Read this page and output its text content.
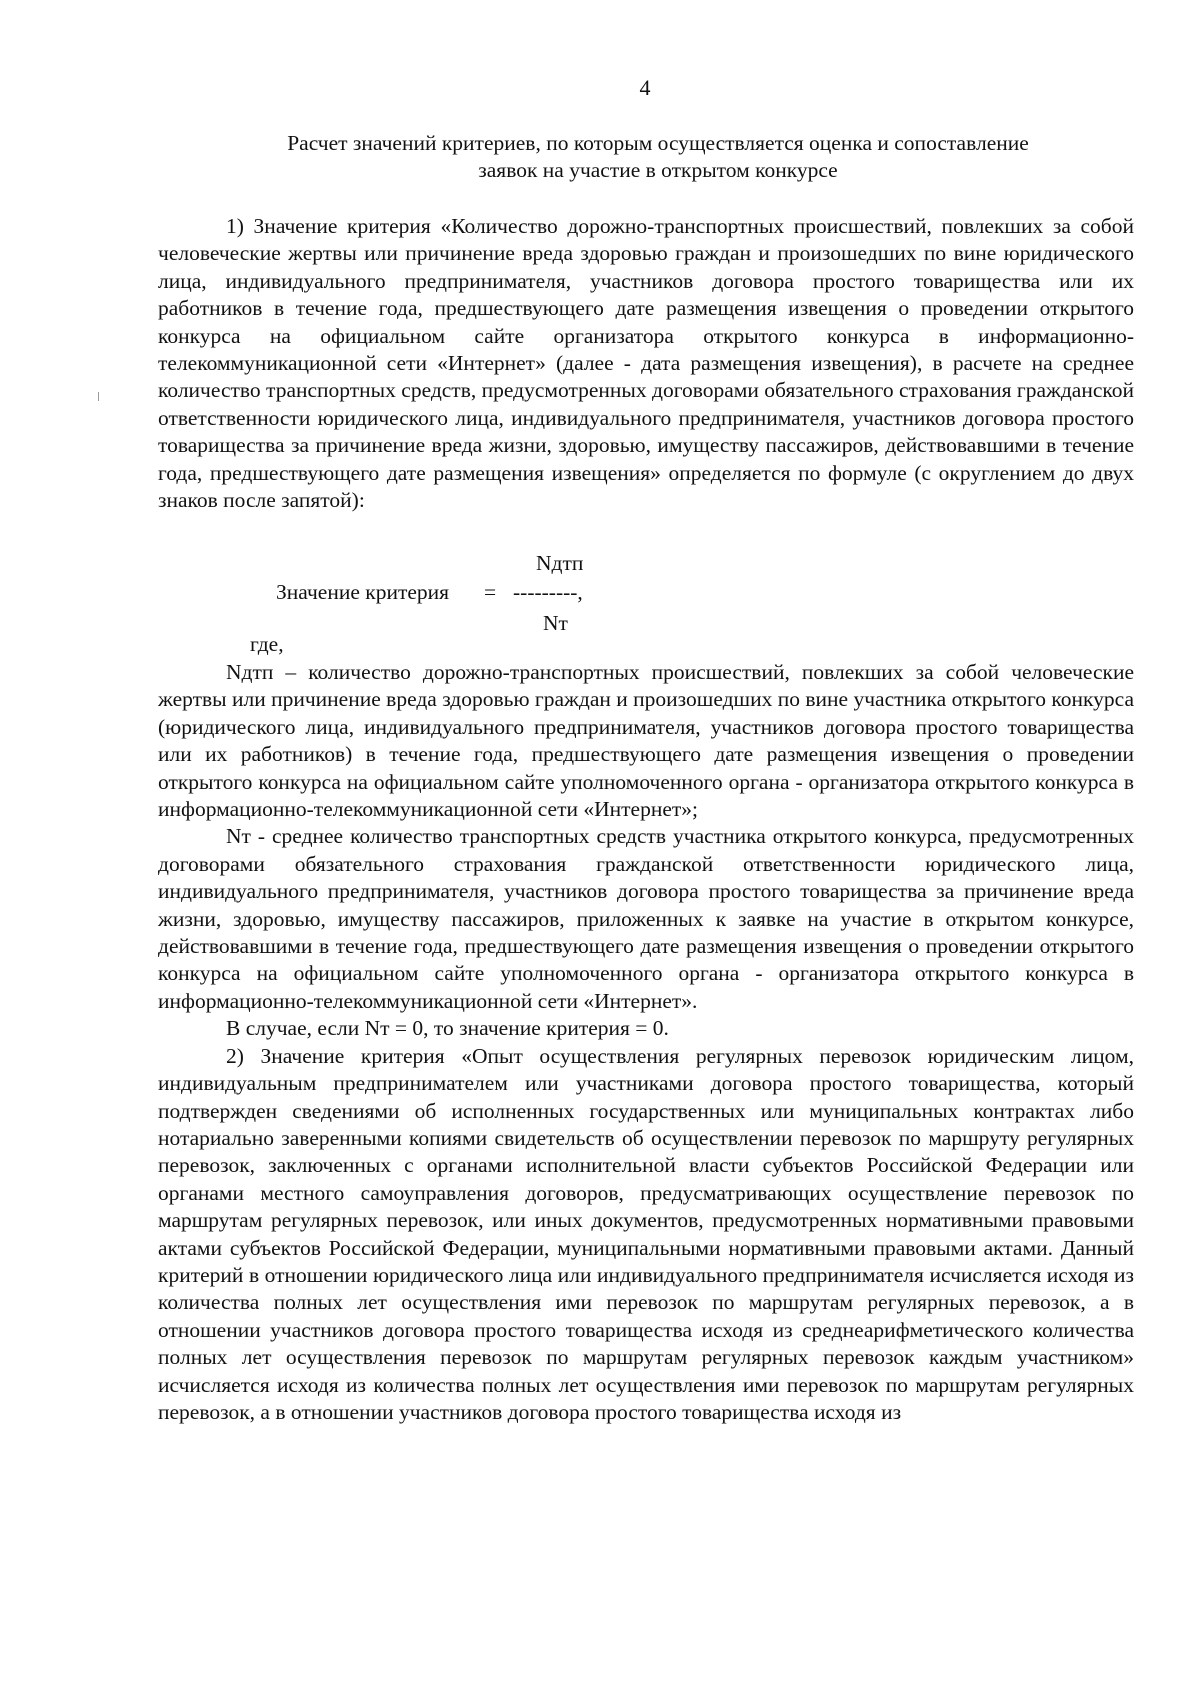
4
Расчет значений критериев, по которым осуществляется оценка и сопоставление
заявок на участие в открытом конкурсе

1) Значение критерия «Количество дорожно-транспортных происшествий, повлекших за собой человеческие жертвы или причинение вреда здоровью граждан и произошедших по вине юридического лица, индивидуального предпринимателя, участников договора простого товарищества или их работников в течение года, предшествующего дате размещения извещения о проведении открытого конкурса на официальном сайте организатора открытого конкурса в информационно-телекоммуникационной сети «Интернет» (далее - дата размещения извещения), в расчете на среднее количество транспортных средств, предусмотренных договорами обязательного страхования гражданской ответственности юридического лица, индивидуального предпринимателя, участников договора простого товарищества за причинение вреда жизни, здоровью, имуществу пассажиров, действовавшими в течение года, предшествующего дате размещения извещения» определяется по формуле (с округлением до двух знаков после запятой):

Nдтп
Значение критерия = ---------,
Nт
где,

Nдтп – количество дорожно-транспортных происшествий, повлекших за собой человеческие жертвы или причинение вреда здоровью граждан и произошедших по вине участника открытого конкурса (юридического лица, индивидуального предпринимателя, участников договора простого товарищества или их работников) в течение года, предшествующего дате размещения извещения о проведении открытого конкурса на официальном сайте уполномоченного органа - организатора открытого конкурса в информационно-телекоммуникационной сети «Интернет»;

Nт - среднее количество транспортных средств участника открытого конкурса, предусмотренных договорами обязательного страхования гражданской ответственности юридического лица, индивидуального предпринимателя, участников договора простого товарищества за причинение вреда жизни, здоровью, имуществу пассажиров, приложенных к заявке на участие в открытом конкурсе, действовавшими в течение года, предшествующего дате размещения извещения о проведении открытого конкурса на официальном сайте уполномоченного органа - организатора открытого конкурса в информационно-телекоммуникационной сети «Интернет».

В случае, если Nт = 0, то значение критерия = 0.

2) Значение критерия «Опыт осуществления регулярных перевозок юридическим лицом, индивидуальным предпринимателем или участниками договора простого товарищества, который подтвержден сведениями об исполненных государственных или муниципальных контрактах либо нотариально заверенными копиями свидетельств об осуществлении перевозок по маршруту регулярных перевозок, заключенных с органами исполнительной власти субъектов Российской Федерации или органами местного самоуправления договоров, предусматривающих осуществление перевозок по маршрутам регулярных перевозок, или иных документов, предусмотренных нормативными правовыми актами субъектов Российской Федерации, муниципальными нормативными правовыми актами. Данный критерий в отношении юридического лица или индивидуального предпринимателя исчисляется исходя из количества полных лет осуществления ими перевозок по маршрутам регулярных перевозок, а в отношении участников договора простого товарищества исходя из среднеарифметического количества полных лет осуществления перевозок по маршрутам регулярных перевозок каждым участником» исчисляется исходя из количества полных лет осуществления ими перевозок по маршрутам регулярных перевозок, а в отношении участников договора простого товарищества исходя из
